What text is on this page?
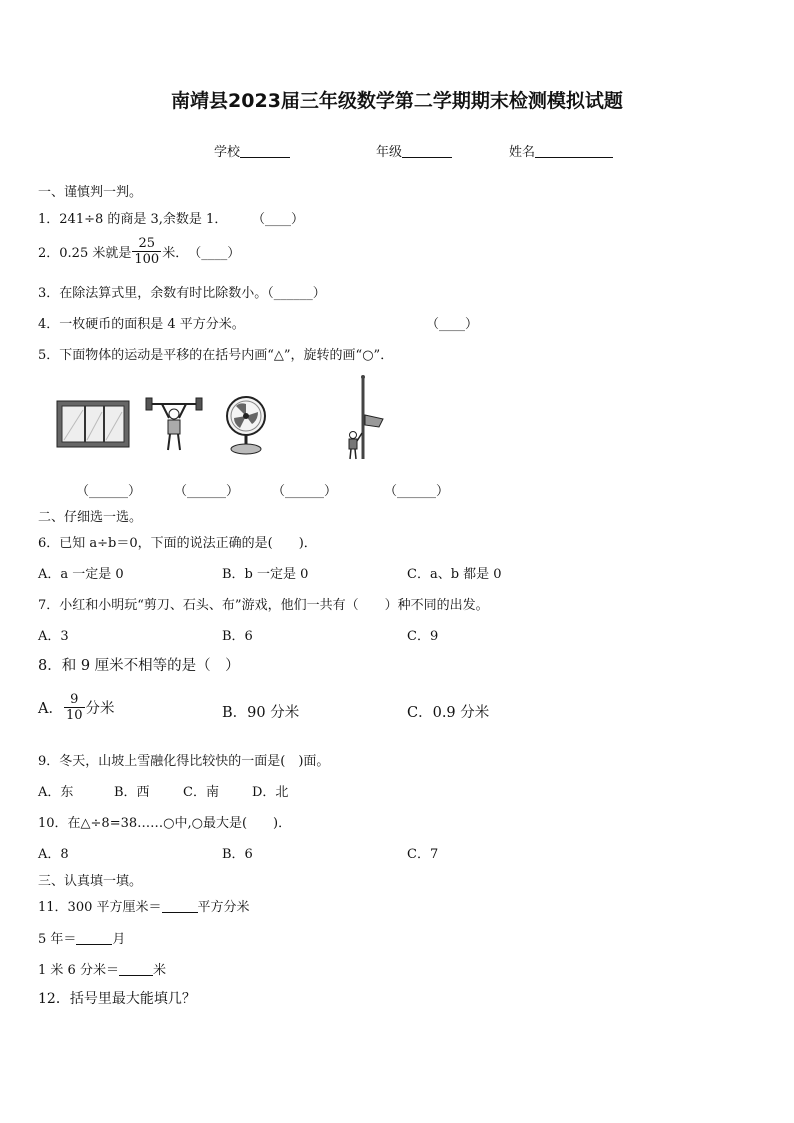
南靖县2023届三年级数学第二学期期末检测模拟试题
学校	年级	姓名
一、谨慎判一判。
1．241÷8 的商是 3,余数是 1． （____）
2．0.25 米就是 $\frac{25}{100}$ 米． （____）
3．在除法算式里，余数有时比除数小。（______）
4．一枚硬币的面积是 4 平方分米。	（____）
5．下面物体的运动是平移的在括号内画“△”，旋转的画“○”．
（______）	（______）	（______）	（______）
二、仔细选一选。
6．已知 a÷b＝0，下面的说法正确的是(　　)．
A．a 一定是 0	B．b 一定是 0	C．a、b 都是 0
7．小红和小明玩“剪刀、石头、布”游戏，他们一共有（　　）种不同的出发。
A．3	B．6	C．9
8．和 9 厘米不相等的是（　）
A． $\frac{9}{10}$ 分米	B．90 分米	C．0.9 分米
9．冬天，山坡上雪融化得比较快的一面是(　)面。
A．东	B．西	C．南	D．北
10．在△÷8=38……○中,○最大是(　　)．
A．8	B．6	C．7
三、认真填一填。
11．300 平方厘米＝	平方分米
5 年＝	月
1 米 6 分米＝	米
12．括号里最大能填几？
